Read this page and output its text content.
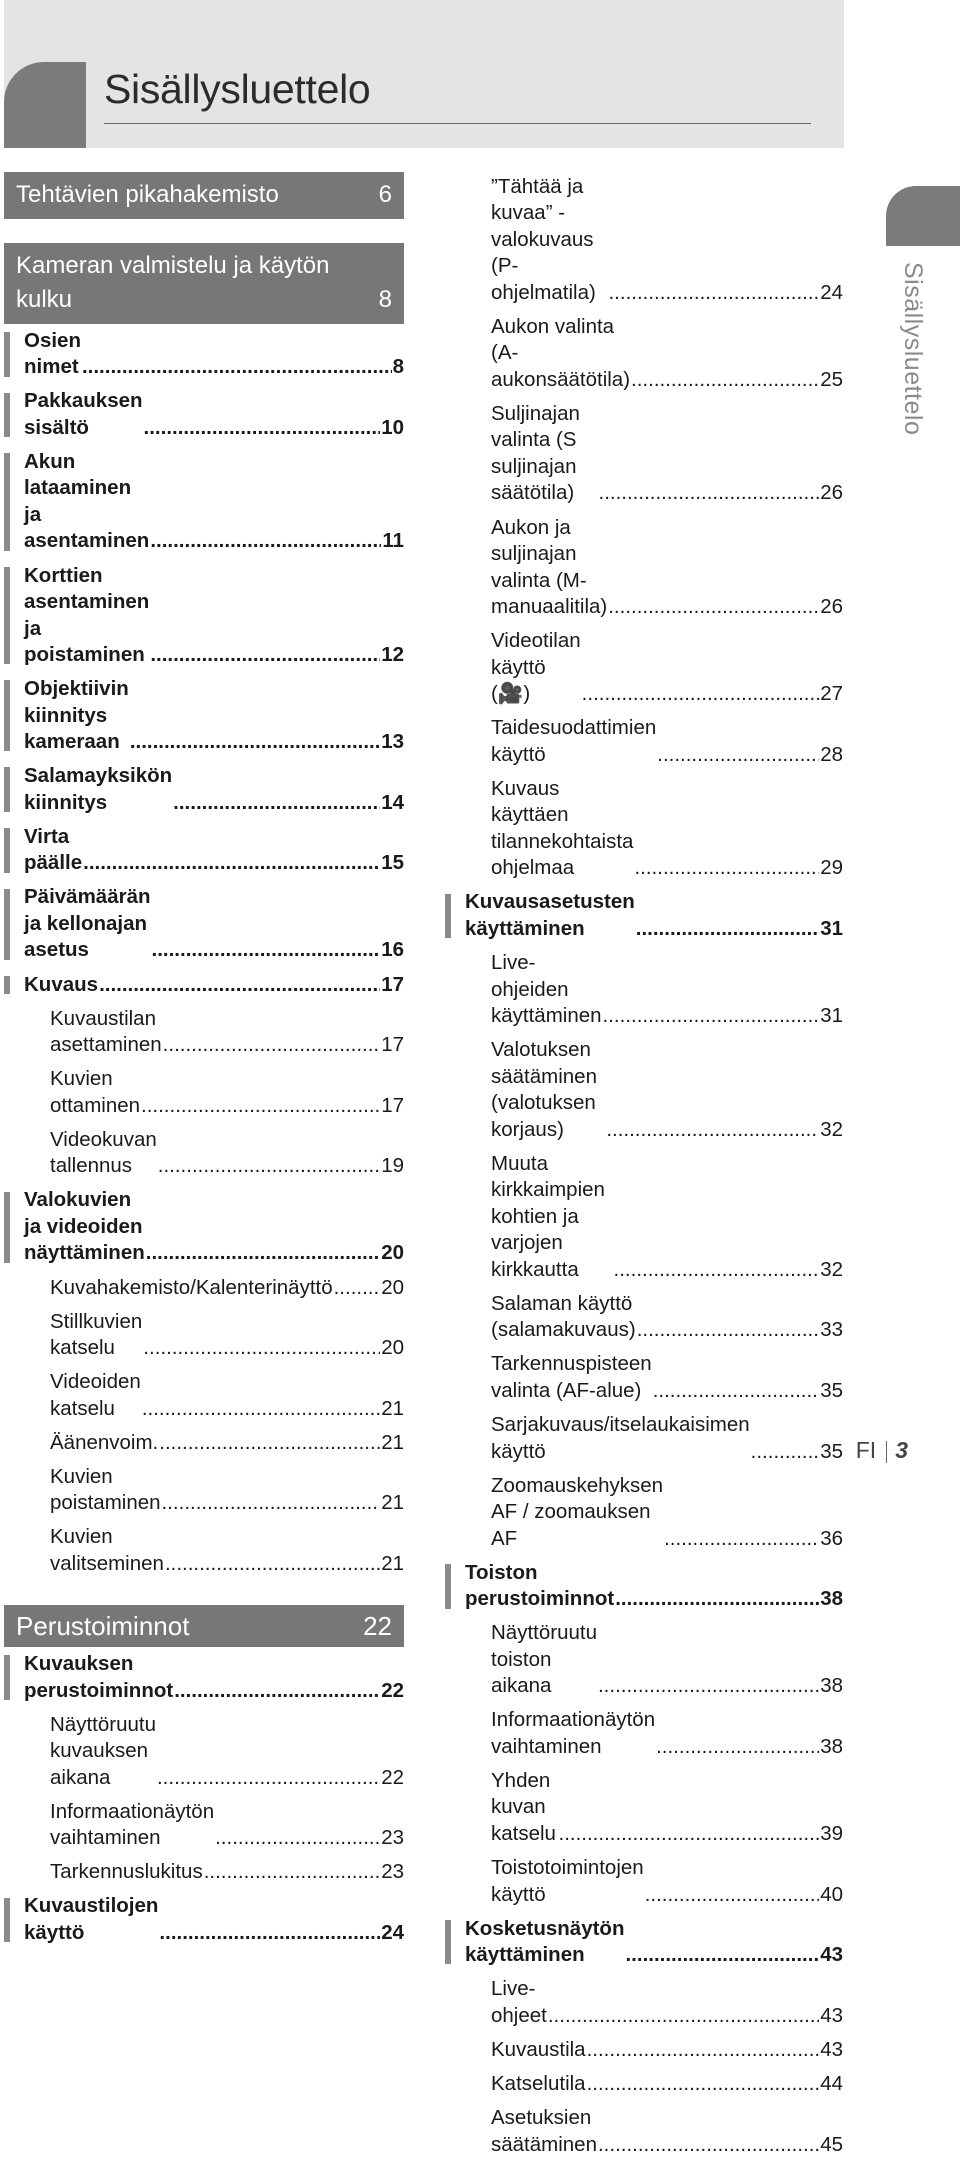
Sisällysluettelo
Tehtävien pikahakemisto	6
Kameran valmistelu ja käytön kulku	8
Osien nimet .....	8
Pakkauksen sisältö .....	10
Akun lataaminen ja asentaminen .....	11
Korttien asentaminen ja poistaminen .....	12
Objektiivin kiinnitys kameraan .....	13
Salamayksikön kiinnitys .....	14
Virta päälle .....	15
Päivämäärän ja kellonajan asetus .....	16
Kuvaus .....	17
Kuvaustilan asettaminen .....	17
Kuvien ottaminen .....	17
Videokuvan tallennus .....	19
Valokuvien ja videoiden näyttäminen .....	20
Kuvahakemisto/Kalenterinäyttö ..... 20
Stillkuvien katselu .....	20
Videoiden katselu .....	21
Äänenvoim. .....	21
Kuvien poistaminen .....	21
Kuvien valitseminen .....	21
Perustoiminnot	22
Kuvauksen perustoiminnot .....	22
Näyttöruutu kuvauksen aikana .....	22
Informaationäytön vaihtaminen .....	23
Tarkennuslukitus .....	23
Kuvaustilojen käyttö .....	24
”Tähtää ja kuvaa” -valokuvaus (P-ohjelmatila) .....	24
Aukon valinta (A-aukonsäätötila) .....	25
Suljinajan valinta (S suljinajan säätötila) .....	26
Aukon ja suljinajan valinta (M-manuaalitila) .....	26
Videotilan käyttö (🎥) .....	27
Taidesuodattimien käyttö .....	28
Kuvaus käyttäen tilannekohtaista ohjelmaa .....	29
Kuvausasetusten käyttäminen .....	31
Live-ohjeiden käyttäminen .....	31
Valotuksen säätäminen (valotuksen korjaus) .....	32
Muuta kirkkaimpien kohtien ja varjojen kirkkautta .....	32
Salaman käyttö (salamakuvaus) .....	33
Tarkennuspisteen valinta (AF-alue) .....	35
Sarjakuvaus/itselaukaisimen käyttö .....	35
Zoomauskehyksen AF / zoomauksen AF .....	36
Toiston perustoiminnot .....	38
Näyttöruutu toiston aikana .....	38
Informaationäytön vaihtaminen .....	38
Yhden kuvan katselu .....	39
Toistotoimintojen käyttö .....	40
Kosketusnäytön käyttäminen .....	43
Live-ohjeet .....	43
Kuvaustila .....	43
Katselutila .....	44
Asetuksien säätäminen .....	45
Sisällysluettelo
FI 3
